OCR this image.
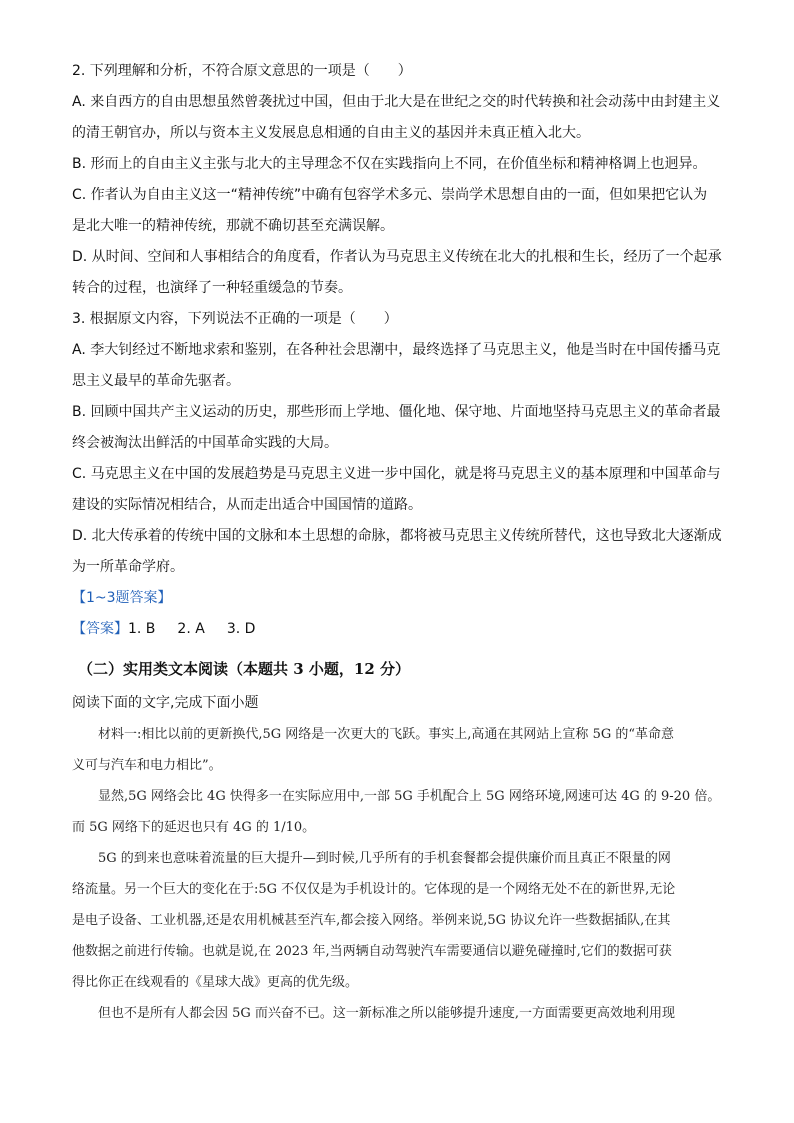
2. 下列理解和分析，不符合原文意思的一项是（　　）
A. 来自西方的自由思想虽然曾袭扰过中国，但由于北大是在世纪之交的时代转换和社会动荡中由封建主义
的清王朝官办，所以与资本主义发展息息相通的自由主义的基因并未真正植入北大。
B. 形而上的自由主义主张与北大的主导理念不仅在实践指向上不同，在价值坐标和精神格调上也迥异。
C. 作者认为自由主义这一“精神传统”中确有包容学术多元、崇尚学术思想自由的一面，但如果把它认为
是北大唯一的精神传统，那就不确切甚至充满误解。
D. 从时间、空间和人事相结合的角度看，作者认为马克思主义传统在北大的扎根和生长，经历了一个起承
转合的过程，也演绎了一种轻重缓急的节奏。
3. 根据原文内容，下列说法不正确的一项是（　　）
A. 李大钊经过不断地求索和鉴别，在各种社会思潮中，最终选择了马克思主义，他是当时在中国传播马克
思主义最早的革命先驱者。
B. 回顾中国共产主义运动的历史，那些形而上学地、僵化地、保守地、片面地坚持马克思主义的革命者最
终会被淘汰出鲜活的中国革命实践的大局。
C. 马克思主义在中国的发展趋势是马克思主义进一步中国化，就是将马克思主义的基本原理和中国革命与
建设的实际情况相结合，从而走出适合中国国情的道路。
D. 北大传承着的传统中国的文脉和本土思想的命脉，都将被马克思主义传统所替代，这也导致北大逐渐成
为一所革命学府。
【1~3题答案】
【答案】1. B 2. A 3. D
（二）实用类文本阅读（本题共 3 小题，12 分）
阅读下面的文字,完成下面小题
　　材料一:相比以前的更新换代,5G 网络是一次更大的飞跃。事实上,高通在其网站上宣称 5G 的“革命意
义可与汽车和电力相比”。
　　显然,5G 网络会比 4G 快得多一在实际应用中,一部 5G 手机配合上 5G 网络环境,网速可达 4G 的 9-20 倍。
而 5G 网络下的延迟也只有 4G 的 1/10。
　　5G 的到来也意味着流量的巨大提升—到时候,几乎所有的手机套餐都会提供廉价而且真正不限量的网
络流量。另一个巨大的变化在于:5G 不仅仅是为手机设计的。它体现的是一个网络无处不在的新世界,无论
是电子设备、工业机器,还是农用机械甚至汽车,都会接入网络。举例来说,5G 协议允许一些数据插队,在其
他数据之前进行传输。也就是说,在 2023 年,当两辆自动驾驶汽车需要通信以避免碰撞时,它们的数据可获
得比你正在线观看的《星球大战》更高的优先级。
　　但也不是所有人都会因 5G 而兴奋不已。这一新标准之所以能够提升速度,一方面需要更高效地利用现
